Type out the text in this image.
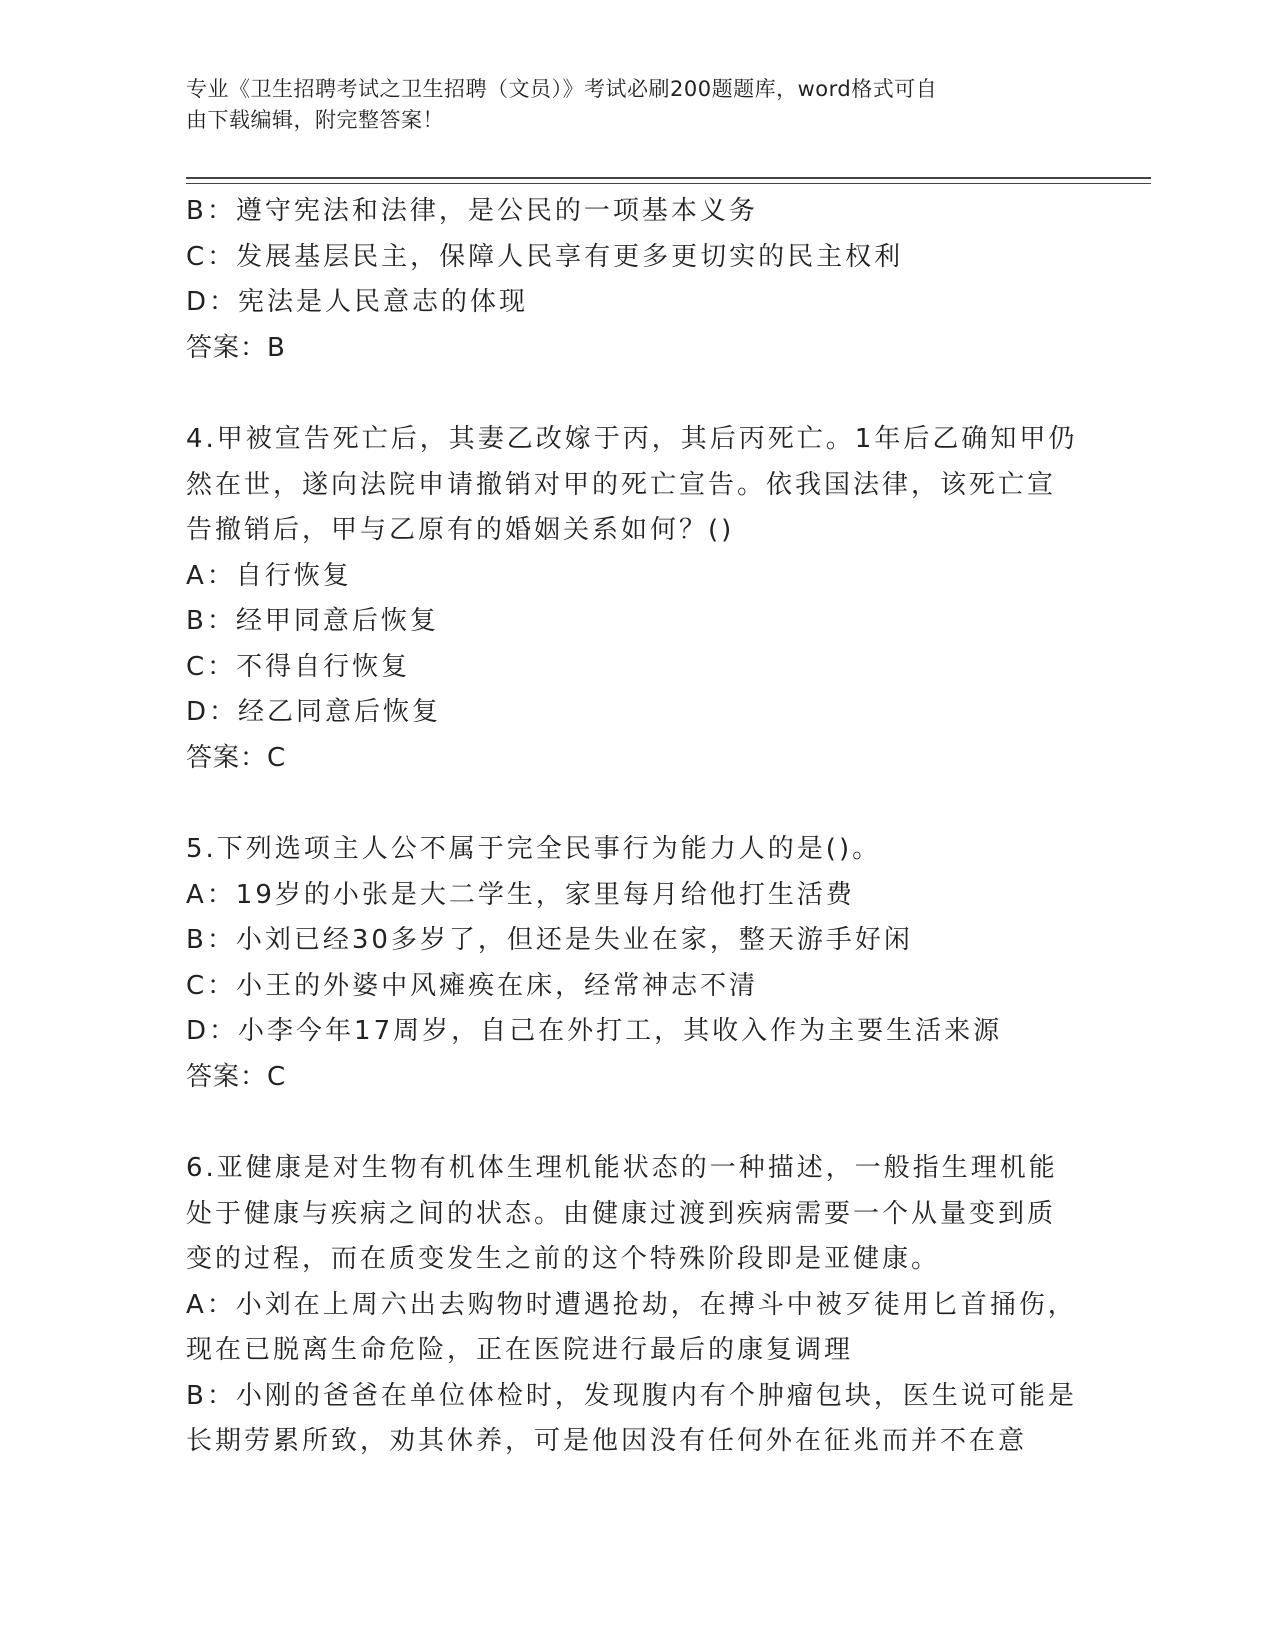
专业《卫生招聘考试之卫生招聘（文员）》考试必刷200题题库，word格式可自
由下载编辑，附完整答案！
B：遵守宪法和法律，是公民的一项基本义务
C：发展基层民主，保障人民享有更多更切实的民主权利
D：宪法是人民意志的体现
答案：B
4.甲被宣告死亡后，其妻乙改嫁于丙，其后丙死亡。1年后乙确知甲仍
然在世，遂向法院申请撤销对甲的死亡宣告。依我国法律，该死亡宣
告撤销后，甲与乙原有的婚姻关系如何？()
A：自行恢复
B：经甲同意后恢复
C：不得自行恢复
D：经乙同意后恢复
答案：C
5.下列选项主人公不属于完全民事行为能力人的是()。
A：19岁的小张是大二学生，家里每月给他打生活费
B：小刘已经30多岁了，但还是失业在家，整天游手好闲
C：小王的外婆中风瘫痪在床，经常神志不清
D：小李今年17周岁，自己在外打工，其收入作为主要生活来源
答案：C
6.亚健康是对生物有机体生理机能状态的一种描述，一般指生理机能
处于健康与疾病之间的状态。由健康过渡到疾病需要一个从量变到质
变的过程，而在质变发生之前的这个特殊阶段即是亚健康。
A：小刘在上周六出去购物时遭遇抢劫，在搏斗中被歹徒用匕首捅伤，
现在已脱离生命危险，正在医院进行最后的康复调理
B：小刚的爸爸在单位体检时，发现腹内有个肿瘤包块，医生说可能是
长期劳累所致，劝其休养，可是他因没有任何外在征兆而并不在意
